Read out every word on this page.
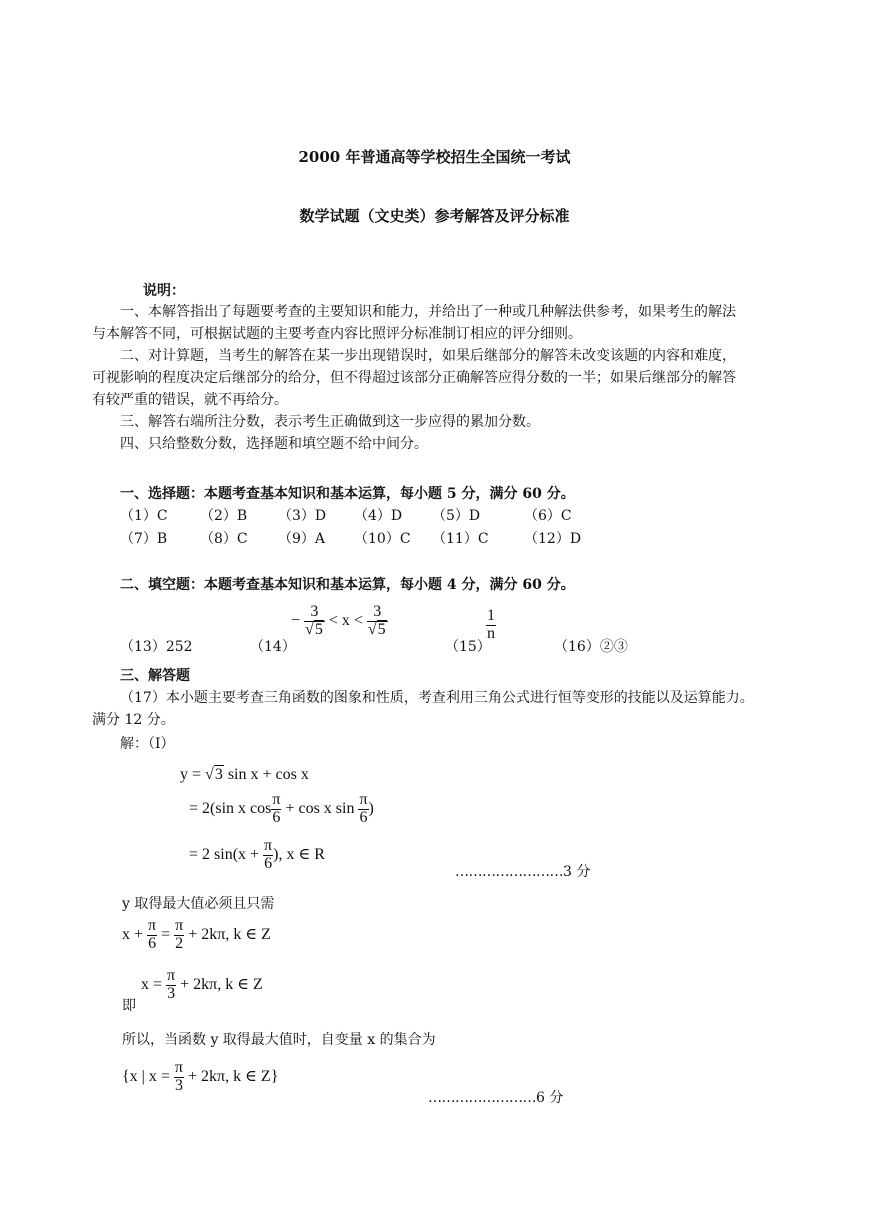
2000 年普通高等学校招生全国统一考试
数学试题（文史类）参考解答及评分标准
说明：
一、本解答指出了每题要考查的主要知识和能力，并给出了一种或几种解法供参考，如果考生的解法
与本解答不同，可根据试题的主要考查内容比照评分标准制订相应的评分细则。
二、对计算题，当考生的解答在某一步出现错误时，如果后继部分的解答未改变该题的内容和难度，
可视影响的程度决定后继部分的给分，但不得超过该部分正确解答应得分数的一半；如果后继部分的解答
有较严重的错误，就不再给分。
三、解答右端所注分数，表示考生正确做到这一步应得的累加分数。
四、只给整数分数，选择题和填空题不给中间分。
一、选择题：本题考查基本知识和基本运算，每小题 5 分，满分 60 分。
（1）C （2）B （3）D （4）D （5）D	（6）C
（7）B （8）C （9）A （10）C （11）C	（12）D
二、填空题：本题考查基本知识和基本运算，每小题 4 分，满分 60 分。
（13）252	（14）
− $\frac{3}{√5} < x < \frac{3}{√5}$
（15）
$\frac{1}{n}$
（16）②③
三、解答题
（17）本小题主要考查三角函数的图象和性质，考查利用三角公式进行恒等变形的技能以及运算能力。
满分 12 分。
解：（I）
y = √3 sin x + cos x
= 2(sin x $\cos \frac{\pi}{6} + \cos x$ $\sin \frac{\pi}{6}$ )
= 2 $\sin(x + \frac{\pi}{6}$ ), x ∈ R
……………………3 分
y 取得最大值必须且只需
$x + \frac{\pi}{6} = \frac{\pi}{2} + 2k\pi$, k ∈ Z
即
$x = \frac{\pi}{3} + 2k\pi$, k ∈ Z
所以，当函数 y 取得最大值时，自变量 x 的集合为
{x | $x = \frac{\pi}{3} + 2k\pi$, k ∈ Z}
……………………6 分
